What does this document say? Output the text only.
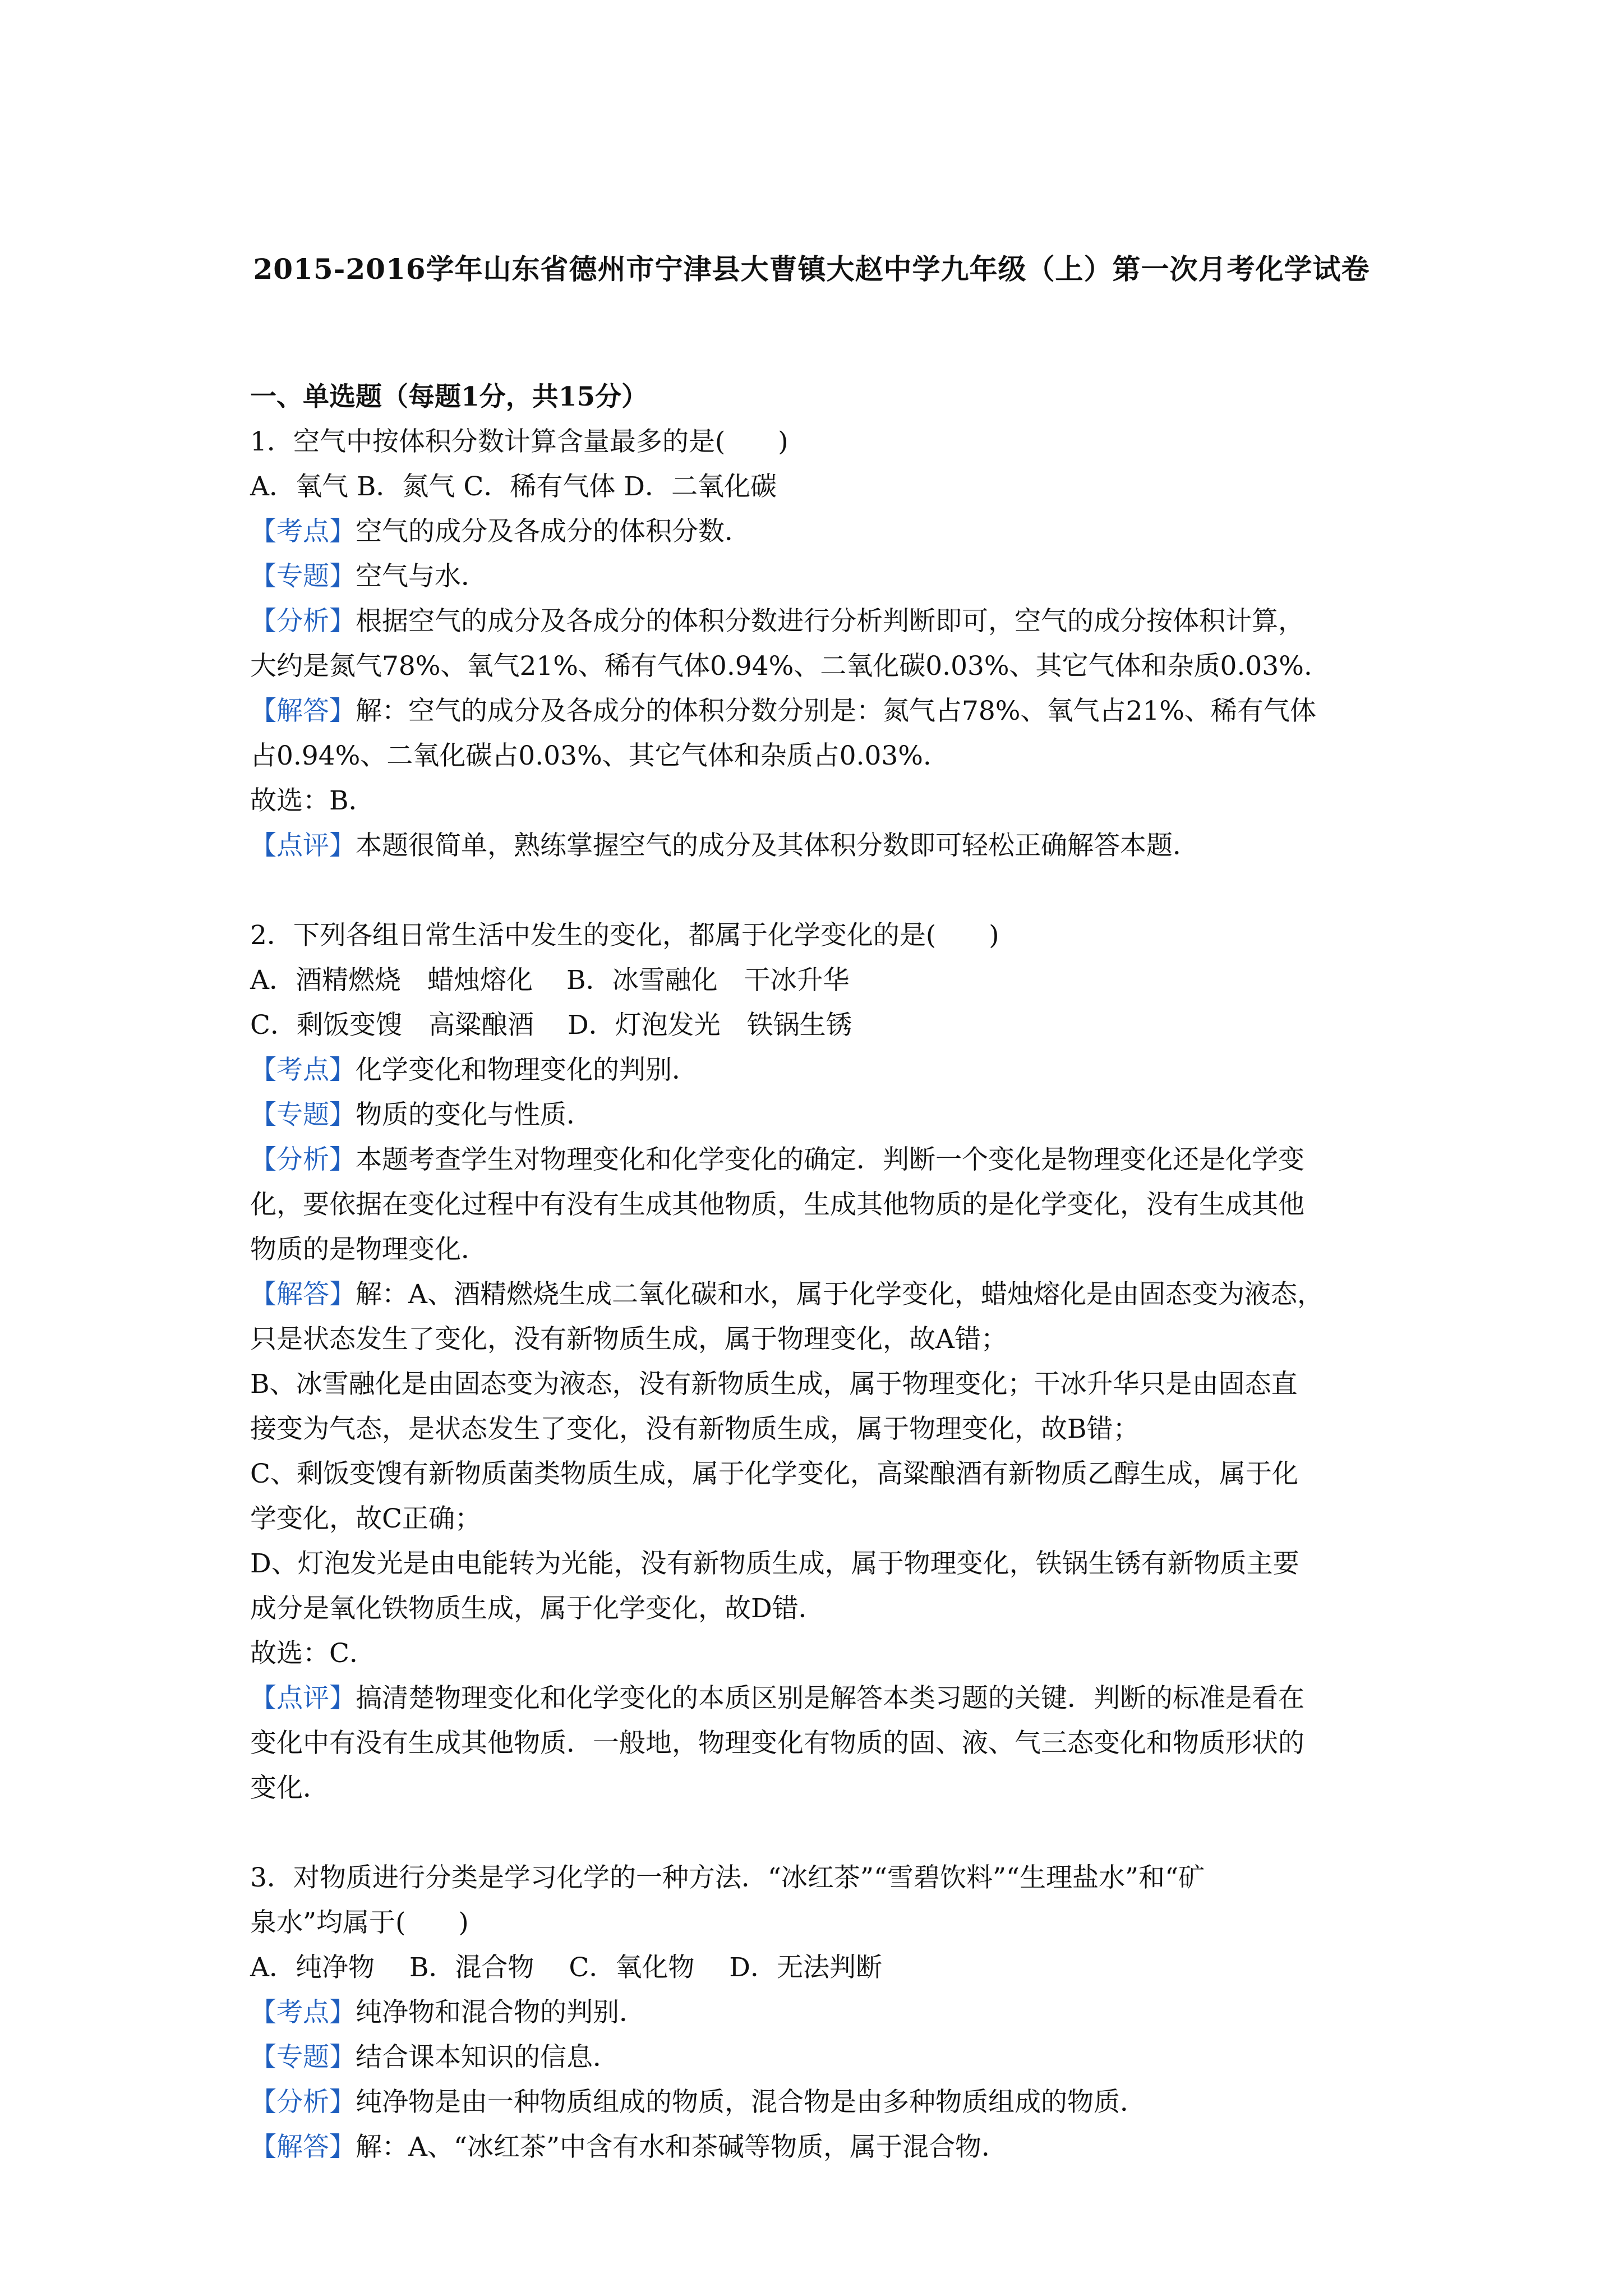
2015-2016学年山东省德州市宁津县大曹镇大赵中学九年级（上）第一次月考化学试卷
一、单选题（每题1分，共15分）
1．空气中按体积分数计算含量最多的是(　　)
A．氧气 B．氮气 C．稀有气体 D．二氧化碳
【考点】空气的成分及各成分的体积分数．
【专题】空气与水．
【分析】根据空气的成分及各成分的体积分数进行分析判断即可，空气的成分按体积计算，
大约是氮气78%、氧气21%、稀有气体0.94%、二氧化碳0.03%、其它气体和杂质0.03%.
【解答】解：空气的成分及各成分的体积分数分别是：氮气占78%、氧气占21%、稀有气体
占0.94%、二氧化碳占0.03%、其它气体和杂质占0.03%.
故选：B．
【点评】本题很简单，熟练掌握空气的成分及其体积分数即可轻松正确解答本题．
2．下列各组日常生活中发生的变化，都属于化学变化的是(　　)
A．酒精燃烧　蜡烛熔化 B．冰雪融化　干冰升华
C．剩饭变馊　高粱酿酒 D．灯泡发光　铁锅生锈
【考点】化学变化和物理变化的判别．
【专题】物质的变化与性质．
【分析】本题考查学生对物理变化和化学变化的确定．判断一个变化是物理变化还是化学变
化，要依据在变化过程中有没有生成其他物质，生成其他物质的是化学变化，没有生成其他
物质的是物理变化．
【解答】解：A、酒精燃烧生成二氧化碳和水，属于化学变化，蜡烛熔化是由固态变为液态，
只是状态发生了变化，没有新物质生成，属于物理变化，故A错；
B、冰雪融化是由固态变为液态，没有新物质生成，属于物理变化；干冰升华只是由固态直
接变为气态，是状态发生了变化，没有新物质生成，属于物理变化，故B错；
C、剩饭变馊有新物质菌类物质生成，属于化学变化，高粱酿酒有新物质乙醇生成，属于化
学变化，故C正确；
D、灯泡发光是由电能转为光能，没有新物质生成，属于物理变化，铁锅生锈有新物质主要
成分是氧化铁物质生成，属于化学变化，故D错．
故选：C．
【点评】搞清楚物理变化和化学变化的本质区别是解答本类习题的关键．判断的标准是看在
变化中有没有生成其他物质．一般地，物理变化有物质的固、液、气三态变化和物质形状的
变化．
3．对物质进行分类是学习化学的一种方法．“冰红茶”“雪碧饮料”“生理盐水”和“矿
泉水”均属于(　　)
A．纯净物　 B．混合物　 C．氧化物　 D．无法判断
【考点】纯净物和混合物的判别．
【专题】结合课本知识的信息．
【分析】纯净物是由一种物质组成的物质，混合物是由多种物质组成的物质．
【解答】解：A、“冰红茶”中含有水和茶碱等物质，属于混合物．
